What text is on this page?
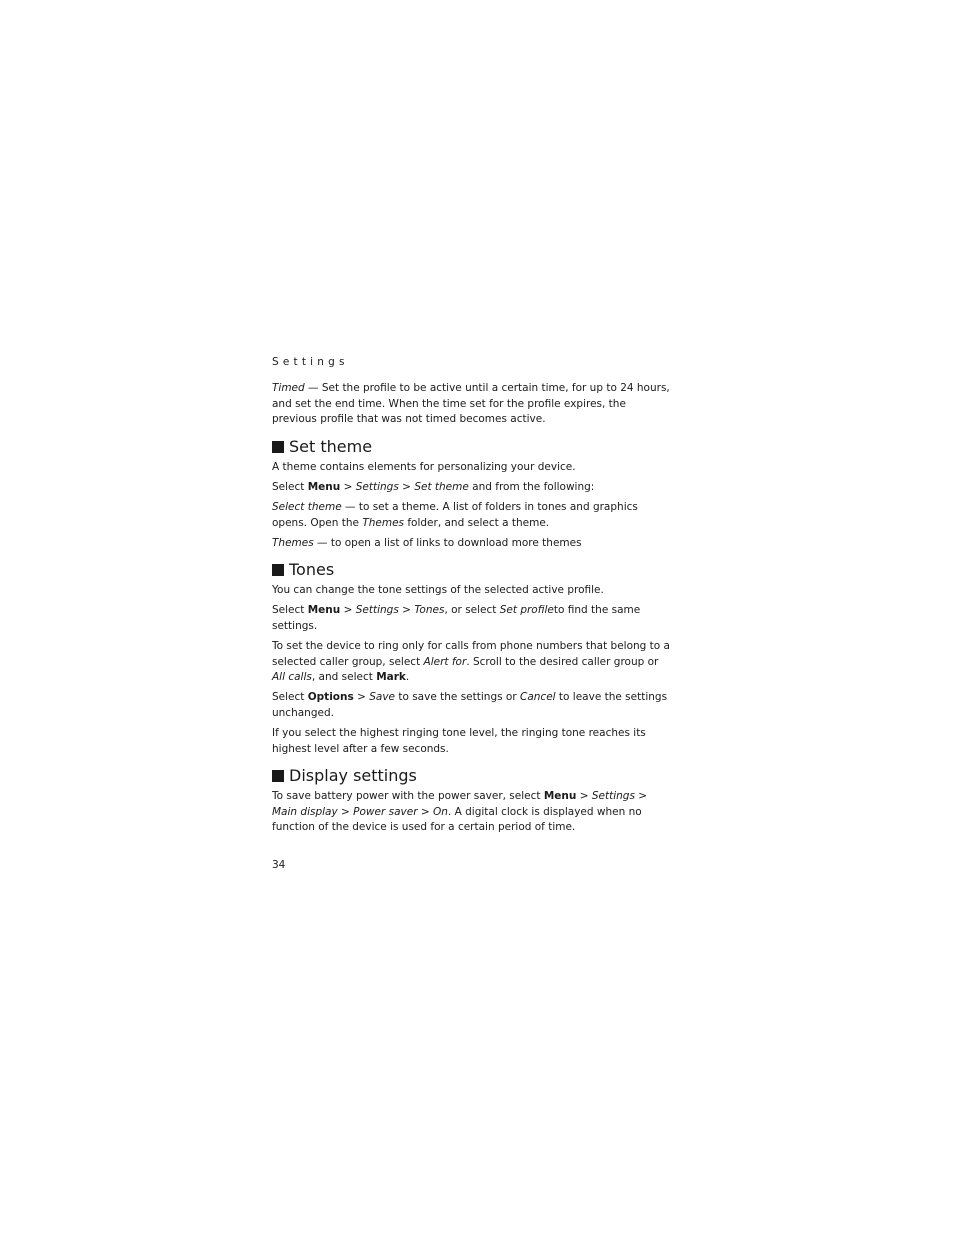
Settings

Timed — Set the profile to be active until a certain time, for up to 24 hours, and set the end time. When the time set for the profile expires, the previous profile that was not timed becomes active.

Set theme

A theme contains elements for personalizing your device.

Select Menu > Settings > Set theme and from the following:

Select theme — to set a theme. A list of folders in tones and graphics opens. Open the Themes folder, and select a theme.

Themes — to open a list of links to download more themes

Tones

You can change the tone settings of the selected active profile.

Select Menu > Settings > Tones, or select Set profileto find the same settings.

To set the device to ring only for calls from phone numbers that belong to a selected caller group, select Alert for. Scroll to the desired caller group or All calls, and select Mark.

Select Options > Save to save the settings or Cancel to leave the settings unchanged.

If you select the highest ringing tone level, the ringing tone reaches its highest level after a few seconds.

Display settings

To save battery power with the power saver, select Menu > Settings > Main display > Power saver > On. A digital clock is displayed when no function of the device is used for a certain period of time.

34
